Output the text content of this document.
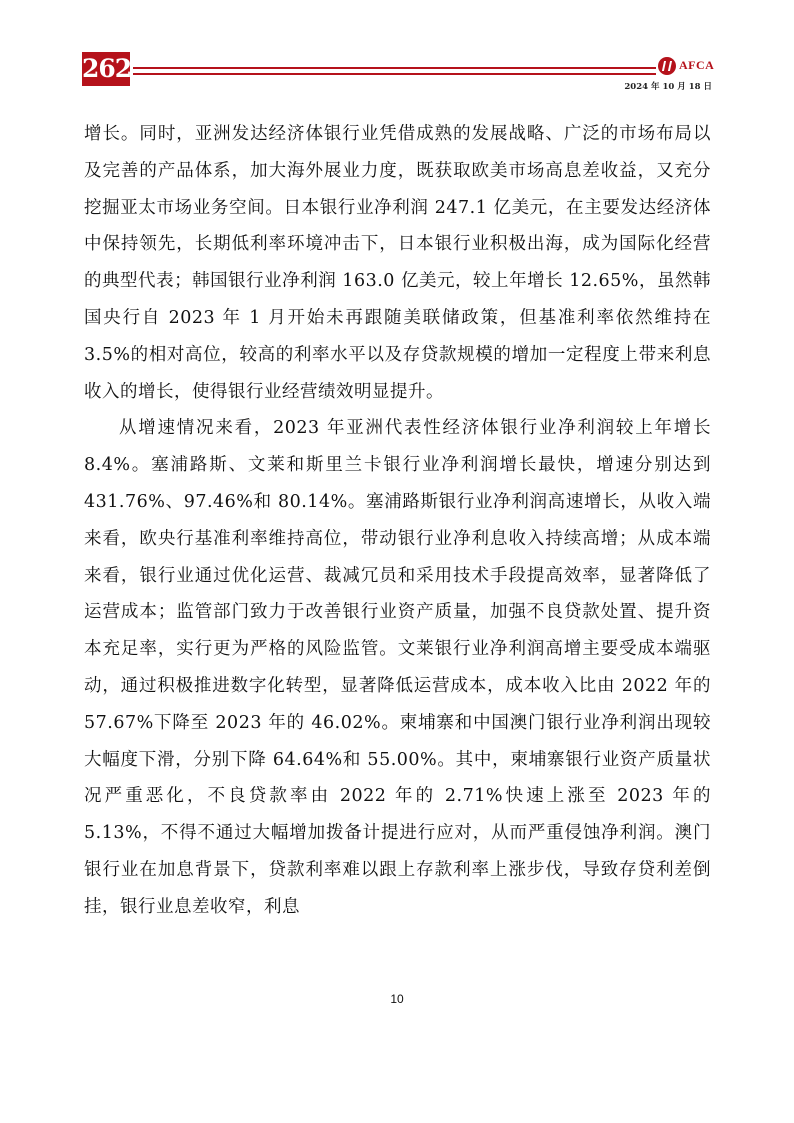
262	AFCA
2024 年 10 月 18 日

增长。同时，亚洲发达经济体银行业凭借成熟的发展战略、广泛的市场布局以及完善的产品体系，加大海外展业力度，既获取欧美市场高息差收益，又充分挖掘亚太市场业务空间。日本银行业净利润 247.1 亿美元，在主要发达经济体中保持领先，长期低利率环境冲击下，日本银行业积极出海，成为国际化经营的典型代表；韩国银行业净利润 163.0 亿美元，较上年增长 12.65%，虽然韩国央行自 2023 年 1 月开始未再跟随美联储政策，但基准利率依然维持在 3.5%的相对高位，较高的利率水平以及存贷款规模的增加一定程度上带来利息收入的增长，使得银行业经营绩效明显提升。

从增速情况来看，2023 年亚洲代表性经济体银行业净利润较上年增长 8.4%。塞浦路斯、文莱和斯里兰卡银行业净利润增长最快，增速分别达到 431.76%、97.46%和 80.14%。塞浦路斯银行业净利润高速增长，从收入端来看，欧央行基准利率维持高位，带动银行业净利息收入持续高增；从成本端来看，银行业通过优化运营、裁减冗员和采用技术手段提高效率，显著降低了运营成本；监管部门致力于改善银行业资产质量，加强不良贷款处置、提升资本充足率，实行更为严格的风险监管。文莱银行业净利润高增主要受成本端驱动，通过积极推进数字化转型，显著降低运营成本，成本收入比由 2022 年的 57.67%下降至 2023 年的 46.02%。柬埔寨和中国澳门银行业净利润出现较大幅度下滑，分别下降 64.64%和 55.00%。其中，柬埔寨银行业资产质量状况严重恶化，不良贷款率由 2022 年的 2.71%快速上涨至 2023 年的 5.13%，不得不通过大幅增加拨备计提进行应对，从而严重侵蚀净利润。澳门银行业在加息背景下，贷款利率难以跟上存款利率上涨步伐，导致存贷利差倒挂，银行业息差收窄，利息

10
